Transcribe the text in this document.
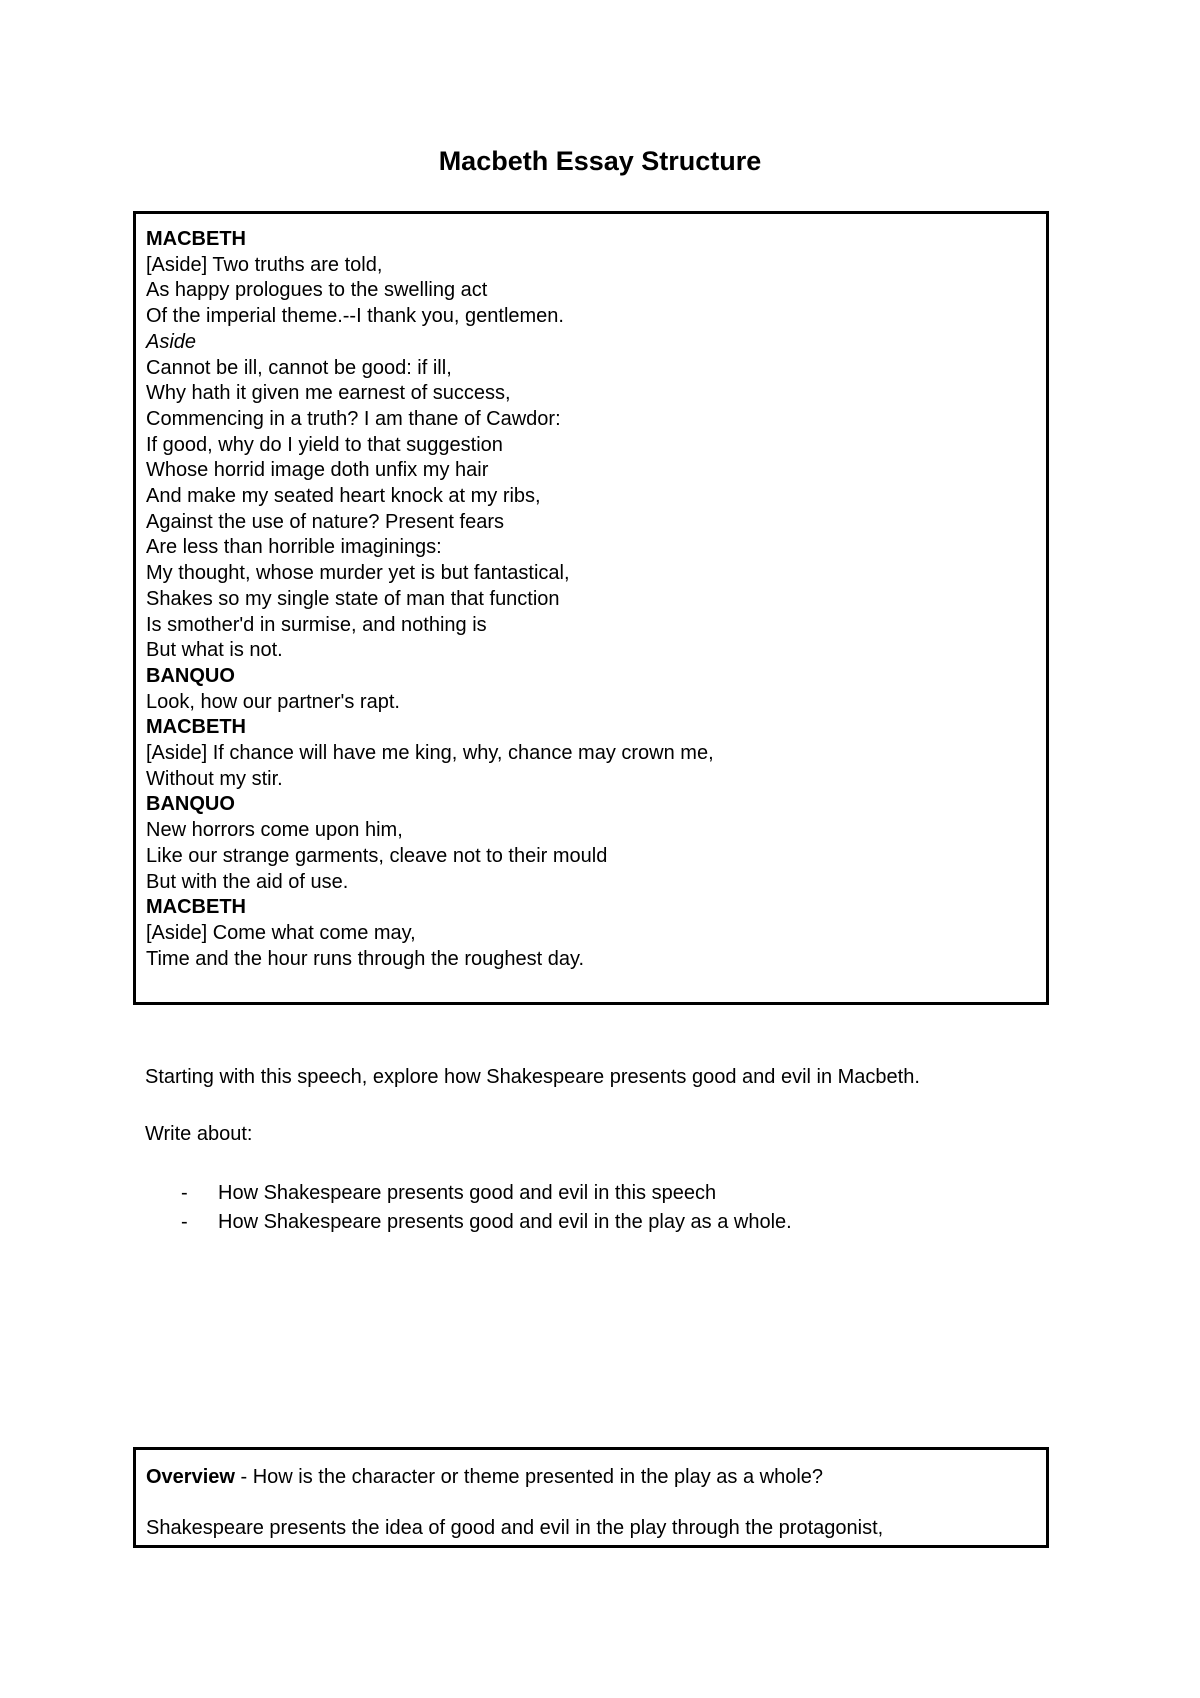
Macbeth Essay Structure
MACBETH
[Aside] Two truths are told,
As happy prologues to the swelling act
Of the imperial theme.--I thank you, gentlemen.
Aside
Cannot be ill, cannot be good: if ill,
Why hath it given me earnest of success,
Commencing in a truth? I am thane of Cawdor:
If good, why do I yield to that suggestion
Whose horrid image doth unfix my hair
And make my seated heart knock at my ribs,
Against the use of nature? Present fears
Are less than horrible imaginings:
My thought, whose murder yet is but fantastical,
Shakes so my single state of man that function
Is smother'd in surmise, and nothing is
But what is not.
BANQUO
Look, how our partner's rapt.
MACBETH
[Aside] If chance will have me king, why, chance may crown me,
Without my stir.
BANQUO
New horrors come upon him,
Like our strange garments, cleave not to their mould
But with the aid of use.
MACBETH
[Aside] Come what come may,
Time and the hour runs through the roughest day.
Starting with this speech, explore how Shakespeare presents good and evil in Macbeth.
Write about:
-	How Shakespeare presents good and evil in this speech
-	How Shakespeare presents good and evil in the play as a whole.
Overview - How is the character or theme presented in the play as a whole?
Shakespeare presents the idea of good and evil in the play through the protagonist,
